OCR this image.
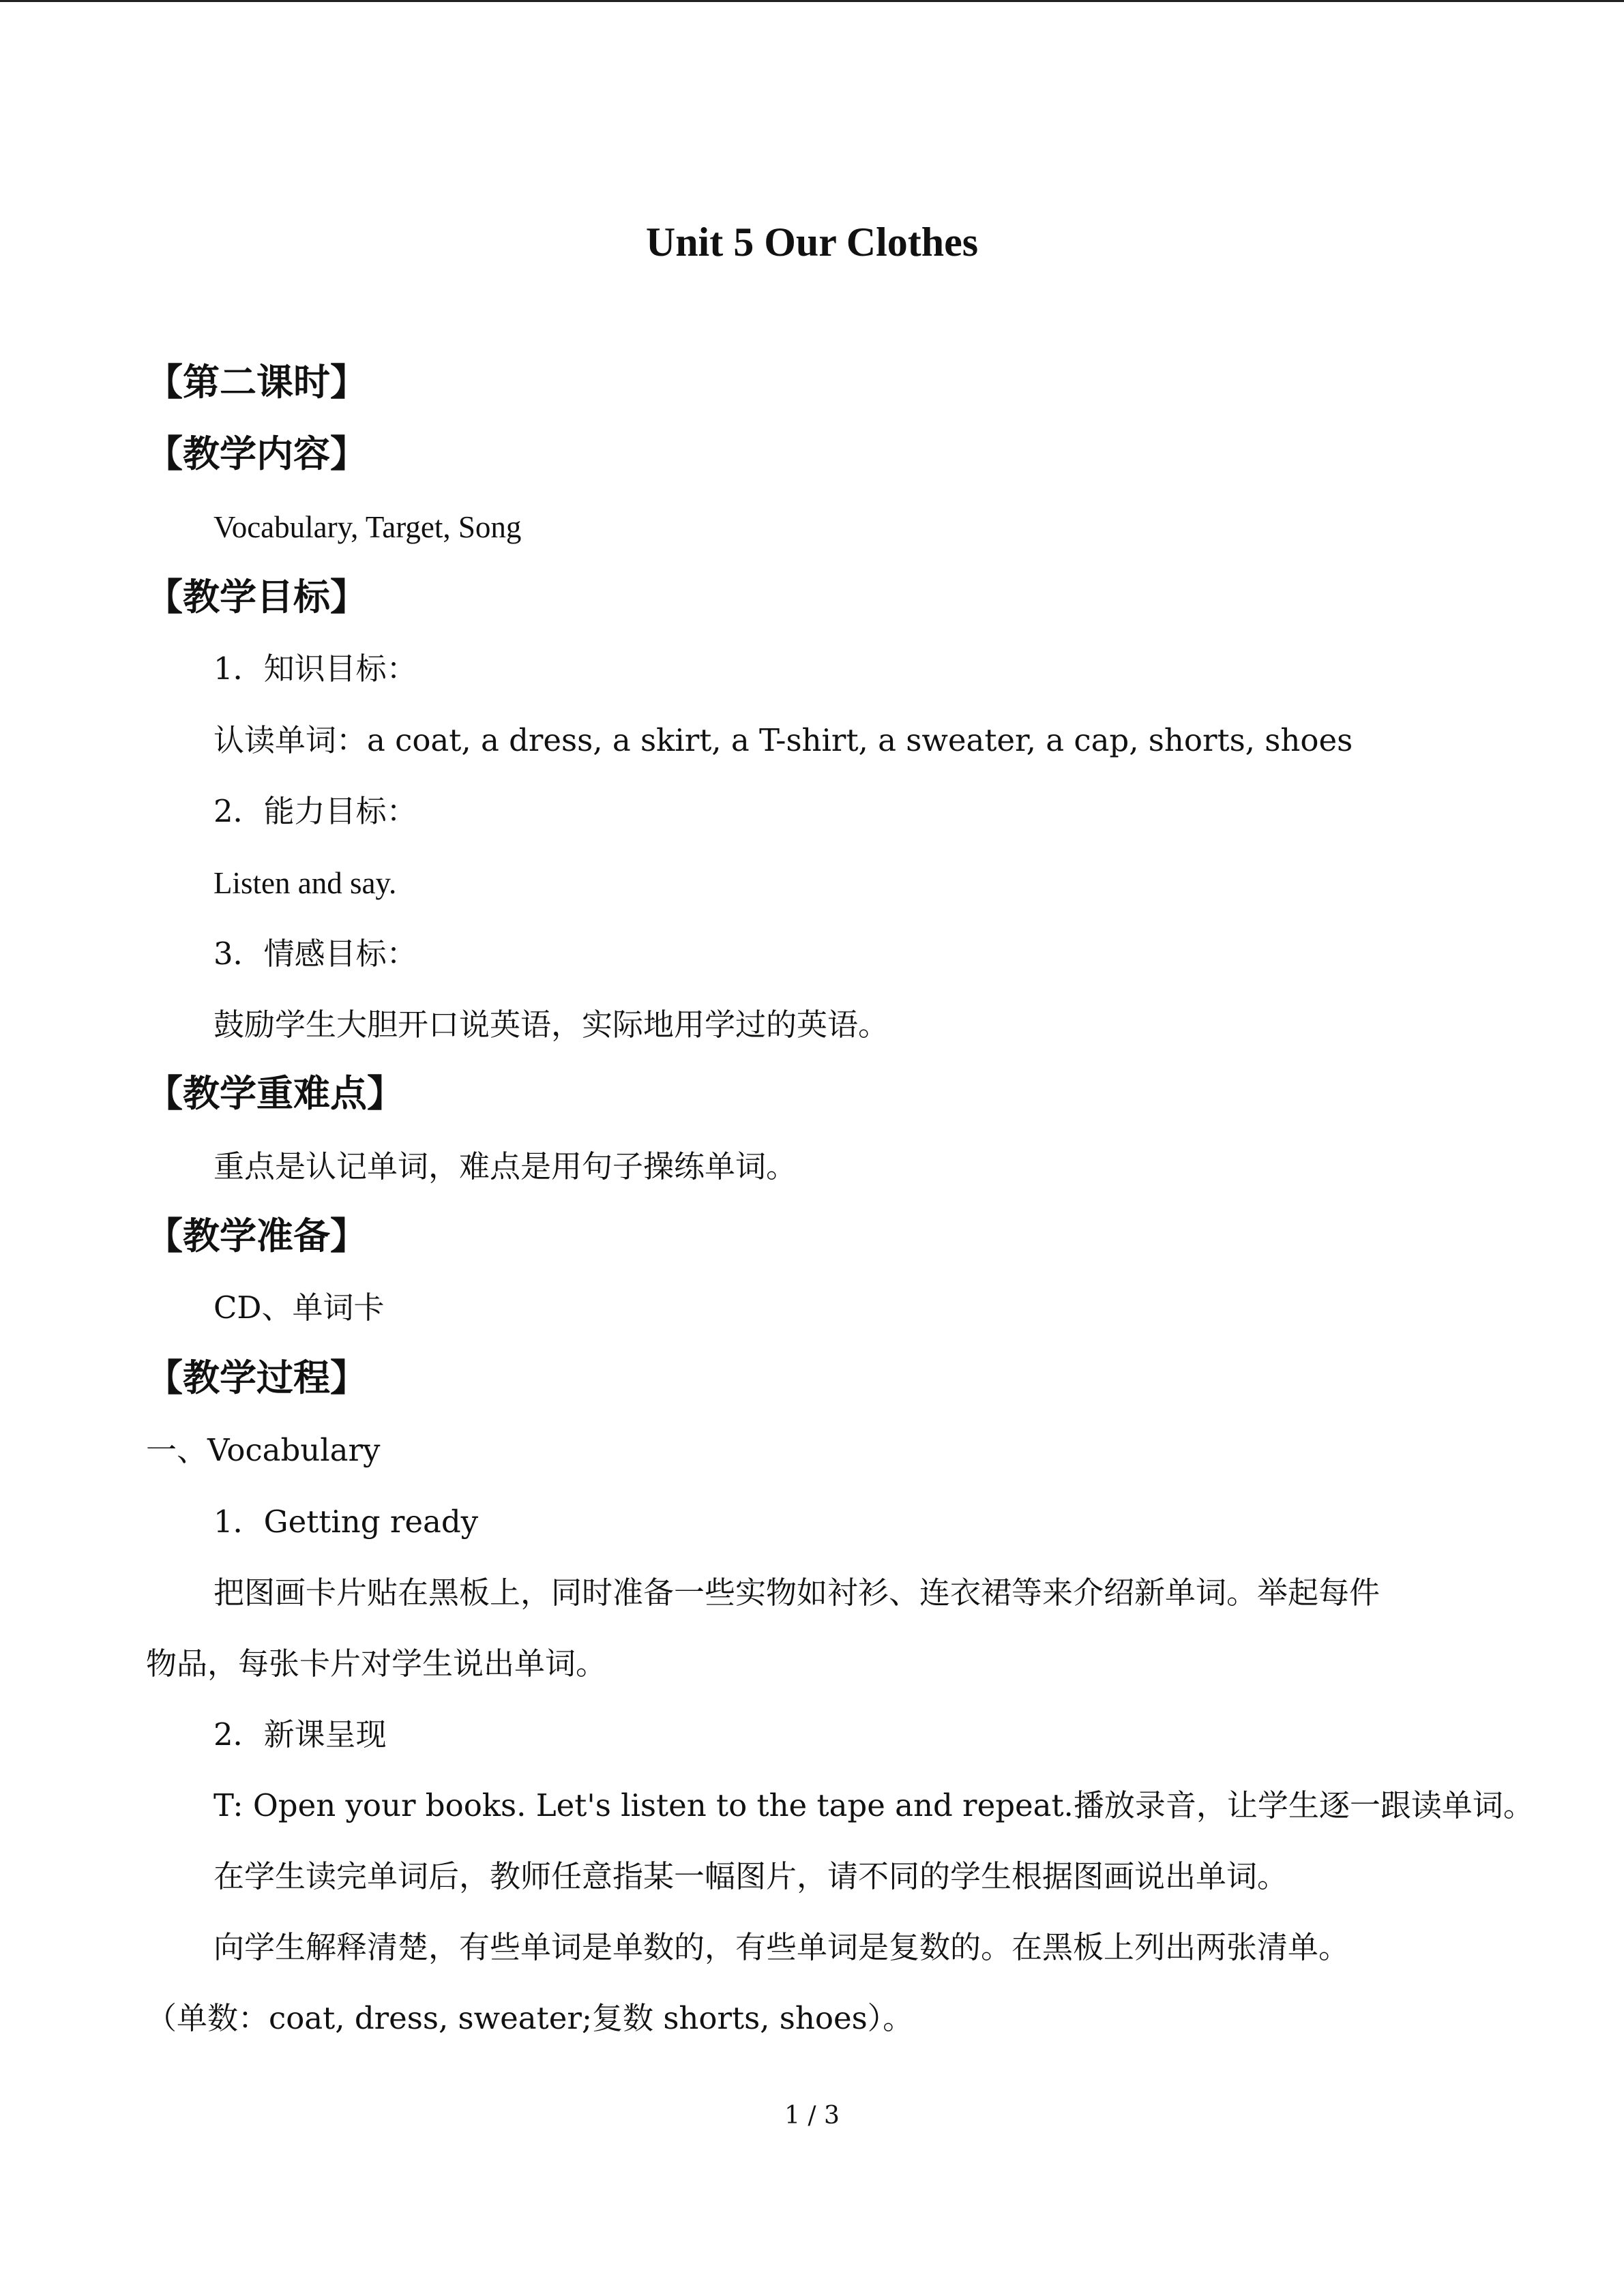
Unit 5 Our Clothes
【第二课时】
【教学内容】
Vocabulary, Target, Song
【教学目标】
1．知识目标：
认读单词：a coat, a dress, a skirt, a T-shirt, a sweater, a cap, shorts, shoes
2．能力目标：
Listen and say.
3．情感目标：
鼓励学生大胆开口说英语，实际地用学过的英语。
【教学重难点】
重点是认记单词，难点是用句子操练单词。
【教学准备】
CD、单词卡
【教学过程】
一、Vocabulary
1．Getting ready
把图画卡片贴在黑板上，同时准备一些实物如衬衫、连衣裙等来介绍新单词。举起每件
物品，每张卡片对学生说出单词。
2．新课呈现
T: Open your books. Let's listen to the tape and repeat.播放录音，让学生逐一跟读单词。
在学生读完单词后，教师任意指某一幅图片，请不同的学生根据图画说出单词。
向学生解释清楚，有些单词是单数的，有些单词是复数的。在黑板上列出两张清单。
（单数：coat, dress, sweater;复数 shorts, shoes）。
1 / 3
